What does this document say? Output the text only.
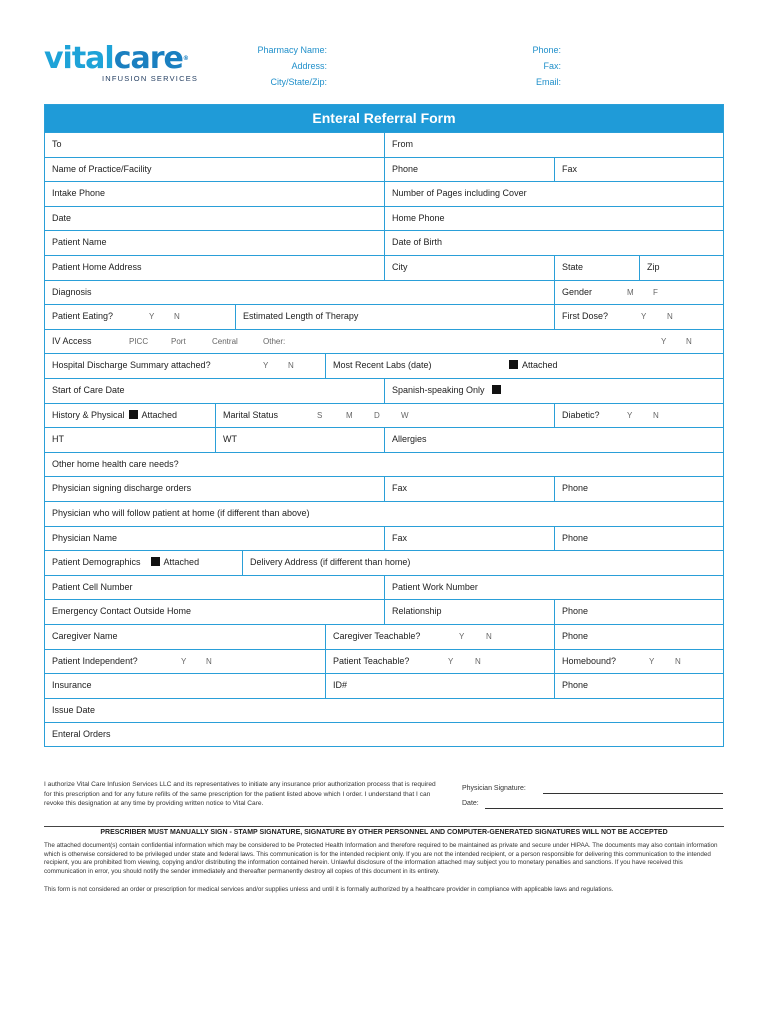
vitalcare®
INFUSION SERVICES
Pharmacy Name:
Address:
City/State/Zip:
Phone:
Fax:
Email:
Enteral Referral Form
To	From
Name of Practice/Facility	Phone	Fax
Intake Phone	Number of Pages including Cover
Date	Home Phone
Patient Name	Date of Birth
Patient Home Address	City	State	Zip
Diagnosis	Gender	M F
Patient Eating?	Y N	Estimated Length of Therapy	First Dose?	Y	N
IV Access	PICC	Port	Central	Other:	Y N
Hospital Discharge Summary attached?	Y N	Most Recent Labs (date)	Attached
Start of Care Date	Spanish-speaking Only
History & Physical Attached	Marital Status	S	M	D	W	Diabetic?	Y	N
HT	WT	Allergies
Other home health care needs?
Physician signing discharge orders	Fax	Phone
Physician who will follow patient at home (if different than above)
Physician Name	Fax	Phone
Patient Demographics	Attached	Delivery Address (if different than home)
Patient Cell Number	Patient Work Number
Emergency Contact Outside Home	Relationship	Phone
Caregiver Name	Caregiver Teachable?	Y	N	Phone
Patient Independent?	Y N	Patient Teachable?	Y	N	Homebound?	Y	N
Insurance	ID#	Phone
Issue Date
Enteral Orders
I authorize Vital Care Infusion Services LLC and its representatives to initiate any insurance prior authorization process that is required for this prescription and for any future refills of the same prescription for the patient listed above which I order. I understand that I can revoke this designation at any time by providing written notice to Vital Care.
Physician Signature:
Date:
PRESCRIBER MUST MANUALLY SIGN - STAMP SIGNATURE, SIGNATURE BY OTHER PERSONNEL AND COMPUTER-GENERATED SIGNATURES WILL NOT BE ACCEPTED
The attached document(s) contain confidential information which may be considered to be Protected Health Information and therefore required to be maintained as private and secure under HIPAA. The documents may also contain information which is otherwise considered to be privileged under state and federal laws. This communication is for the intended recipient only. If you are not the intended recipient, or a person responsible for delivering this communication to the intended recipient, you are prohibited from viewing, copying and/or distributing the information contained herein. Unlawful disclosure of the information attached may subject you to monetary penalties and sanctions. If you have received this communication in error, you should notify the sender immediately and thereafter permanently destroy all copies of this document in its entirety.
This form is not considered an order or prescription for medical services and/or supplies unless and until it is formally authorized by a healthcare provider in compliance with applicable laws and regulations.
